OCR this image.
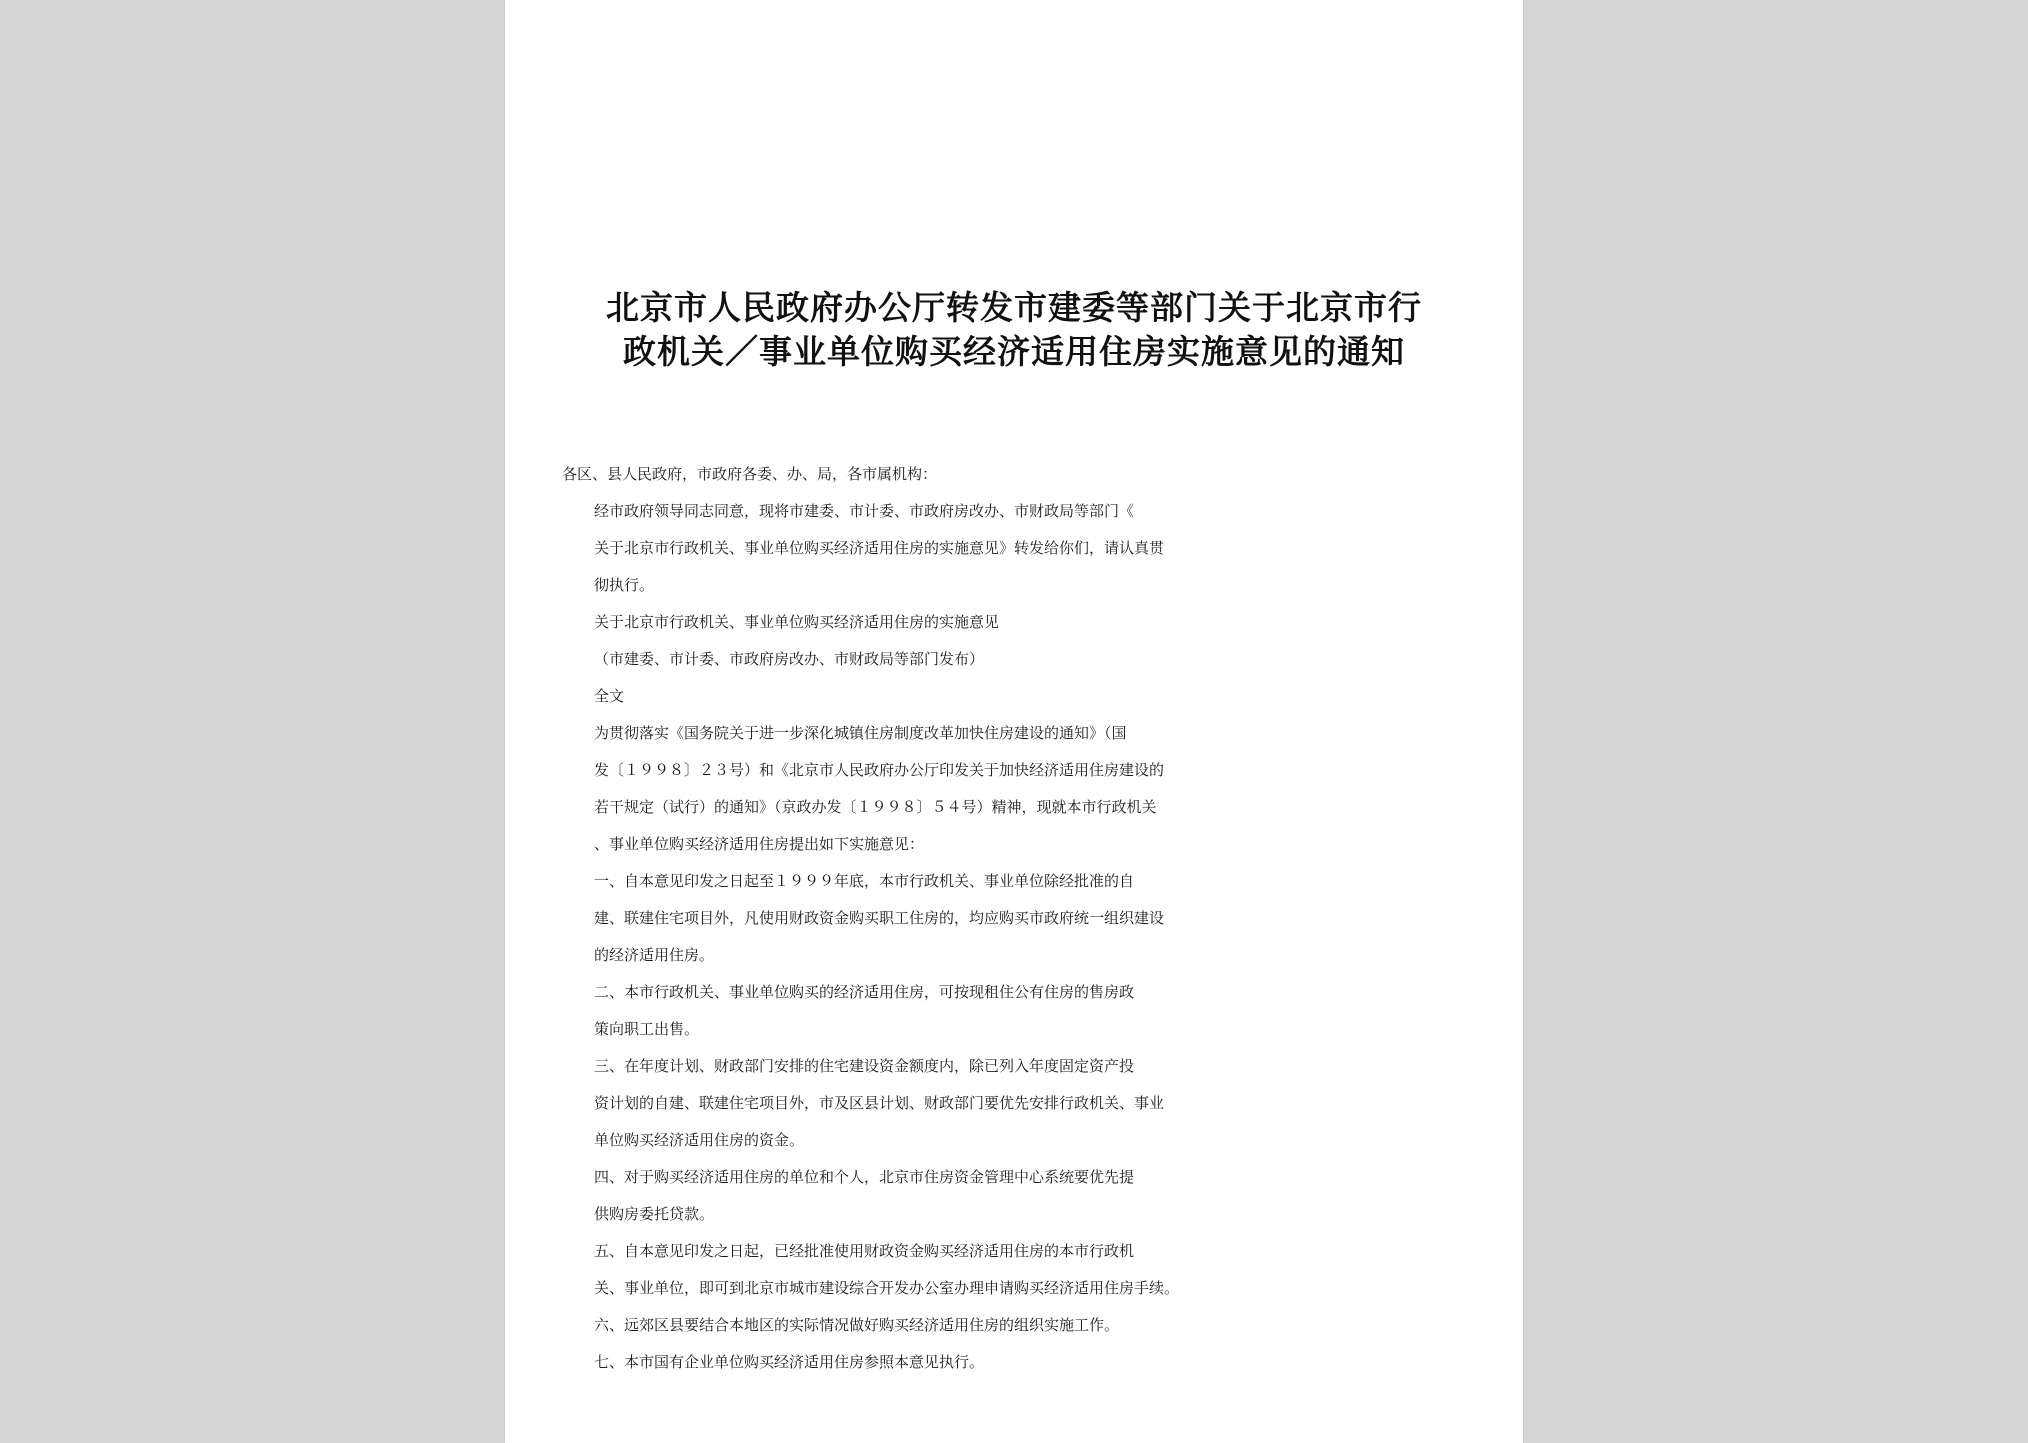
北京市人民政府办公厅转发市建委等部门关于北京市行
政机关／事业单位购买经济适用住房实施意见的通知
各区、县人民政府，市政府各委、办、局，各市属机构：
经市政府领导同志同意，现将市建委、市计委、市政府房改办、市财政局等部门《
关于北京市行政机关、事业单位购买经济适用住房的实施意见》转发给你们，请认真贯
彻执行。
关于北京市行政机关、事业单位购买经济适用住房的实施意见
（市建委、市计委、市政府房改办、市财政局等部门发布）
全文
为贯彻落实《国务院关于进一步深化城镇住房制度改革加快住房建设的通知》（国
发〔１９９８〕２３号）和《北京市人民政府办公厅印发关于加快经济适用住房建设的
若干规定（试行）的通知》（京政办发〔１９９８〕５４号）精神，现就本市行政机关
、事业单位购买经济适用住房提出如下实施意见：
一、自本意见印发之日起至１９９９年底，本市行政机关、事业单位除经批准的自
建、联建住宅项目外，凡使用财政资金购买职工住房的，均应购买市政府统一组织建设
的经济适用住房。
二、本市行政机关、事业单位购买的经济适用住房，可按现租住公有住房的售房政
策向职工出售。
三、在年度计划、财政部门安排的住宅建设资金额度内，除已列入年度固定资产投
资计划的自建、联建住宅项目外，市及区县计划、财政部门要优先安排行政机关、事业
单位购买经济适用住房的资金。
四、对于购买经济适用住房的单位和个人，北京市住房资金管理中心系统要优先提
供购房委托贷款。
五、自本意见印发之日起，已经批准使用财政资金购买经济适用住房的本市行政机
关、事业单位，即可到北京市城市建设综合开发办公室办理申请购买经济适用住房手续。
六、远郊区县要结合本地区的实际情况做好购买经济适用住房的组织实施工作。
七、本市国有企业单位购买经济适用住房参照本意见执行。
